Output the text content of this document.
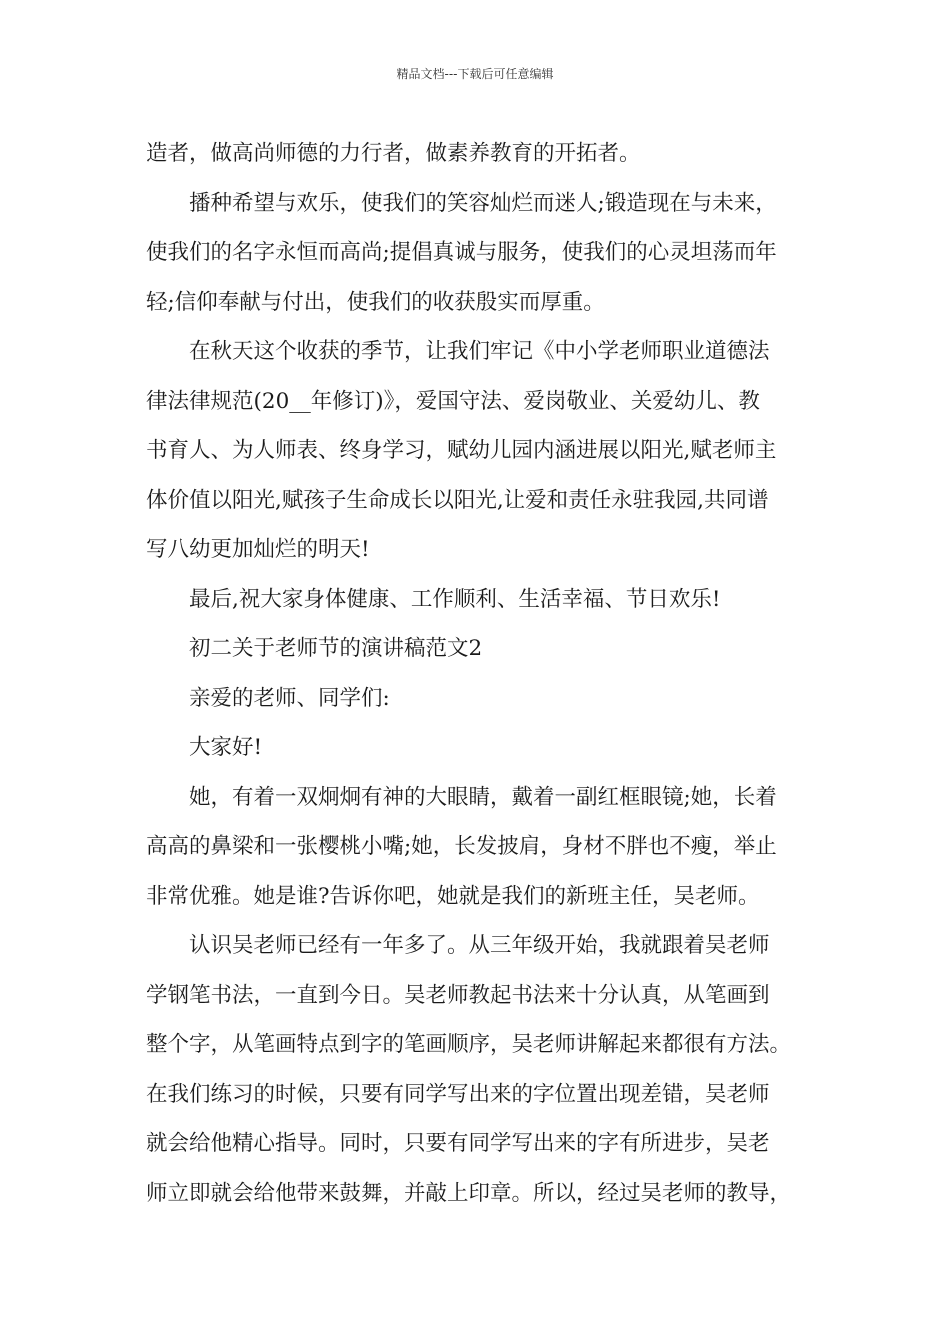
精品文档---下载后可任意编辑
造者，做高尚师德的力行者，做素养教育的开拓者。
播种希望与欢乐，使我们的笑容灿烂而迷人;锻造现在与未来，
使我们的名字永恒而高尚;提倡真诚与服务，使我们的心灵坦荡而年
轻;信仰奉献与付出，使我们的收获殷实而厚重。
在秋天这个收获的季节，让我们牢记《中小学老师职业道德法
律法律规范(20__年修订)》，爱国守法、爱岗敬业、关爱幼儿、教
书育人、为人师表、终身学习，赋幼儿园内涵进展以阳光,赋老师主
体价值以阳光,赋孩子生命成长以阳光,让爱和责任永驻我园,共同谱
写八幼更加灿烂的明天!
最后,祝大家身体健康、工作顺利、生活幸福、节日欢乐!
初二关于老师节的演讲稿范文2
亲爱的老师、同学们:
大家好!
她，有着一双炯炯有神的大眼睛，戴着一副红框眼镜;她，长着
高高的鼻梁和一张樱桃小嘴;她，长发披肩，身材不胖也不瘦，举止
非常优雅。她是谁?告诉你吧，她就是我们的新班主任，吴老师。
认识吴老师已经有一年多了。从三年级开始，我就跟着吴老师
学钢笔书法，一直到今日。吴老师教起书法来十分认真，从笔画到
整个字，从笔画特点到字的笔画顺序，吴老师讲解起来都很有方法。
在我们练习的时候，只要有同学写出来的字位置出现差错，吴老师
就会给他精心指导。同时，只要有同学写出来的字有所进步，吴老
师立即就会给他带来鼓舞，并敲上印章。所以，经过吴老师的教导，
